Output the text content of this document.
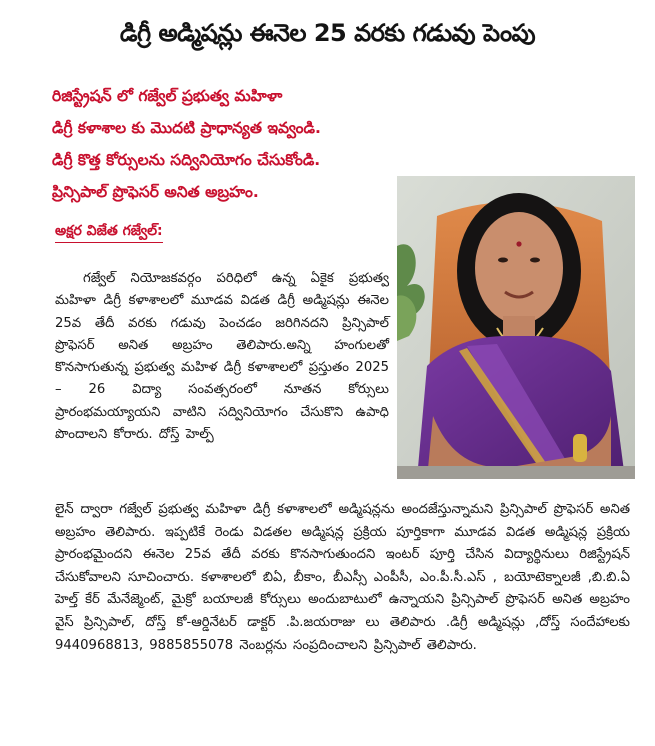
డిగ్రీ అడ్మిషన్లు ఈనెల 25 వరకు గడువు పెంపు
రిజిస్ట్రేషన్ లో గజ్వేల్ ప్రభుత్వ మహిళా
డిగ్రీ కళాశాల కు మొదటి ప్రాధాన్యత ఇవ్వండి.
డిగ్రీ కొత్త కోర్సులను సద్వినియోగం చేసుకోండి.
ప్రిన్సిపాల్ ప్రొఫెసర్ అనిత అబ్రహం.
అక్షర విజేత గజ్వేల్:
గజ్వేల్ నియోజకవర్గం పరిధిలో ఉన్న ఏకైక ప్రభుత్వ మహిళా డిగ్రీ కళాశాలలో మూడవ విడత డిగ్రీ అడ్మిషన్లు ఈనెల 25వ తేదీ వరకు గడువు పెంచడం జరిగినదని ప్రిన్సిపాల్ ప్రొఫెసర్ అనిత అబ్రహం తెలిపారు.అన్ని హంగులతో కొనసాగుతున్న ప్రభుత్వ మహిళ డిగ్రీ కళాశాలలో ప్రస్తుతం 2025 – 26 విద్యా సంవత్సరంలో నూతన కోర్సులు ప్రారంభమయ్యాయని వాటిని సద్వినియోగం చేసుకొని ఉపాధి పొందాలని కోరారు. దోస్త్ హెల్ప్
లైన్ ద్వారా గజ్వేల్ ప్రభుత్వ మహిళా డిగ్రీ కళాశాలలో అడ్మిషన్లను అందజేస్తున్నామని ప్రిన్సిపాల్ ప్రొఫెసర్ అనిత అబ్రహం తెలిపారు. ఇప్పటికే రెండు విడతల అడ్మిషన్ల ప్రక్రియ పూర్తికాగా మూడవ విడత అడ్మిషన్ల ప్రక్రియ ప్రారంభమైందని ఈనెల 25వ తేదీ వరకు కొనసాగుతుందని ఇంటర్ పూర్తి చేసిన విద్యార్థినులు రిజిస్ట్రేషన్ చేసుకోవాలని సూచించారు. కళాశాలలో బిఏ, బీకాం, బీఎస్సీ ఎంపీసీ, ఎం.పీ.సీ.ఎస్ , బయోటెక్నాలజీ ,బి.బి.ఏ హెల్త్ కేర్ మేనేజ్మెంట్, మైక్రో బయాలజీ కోర్సులు అందుబాటులో ఉన్నాయని ప్రిన్సిపాల్ ప్రొఫెసర్ అనిత అబ్రహం వైస్ ప్రిన్సిపాల్, దోస్త్ కో-ఆర్డినేటర్ డాక్టర్ .పి.జయరాజు లు తెలిపారు .డిగ్రీ అడ్మిషన్లు ,దోస్త్ సందేహాలకు 9440968813, 9885855078 నెంబర్లను సంప్రదించాలని ప్రిన్సిపాల్ తెలిపారు.
